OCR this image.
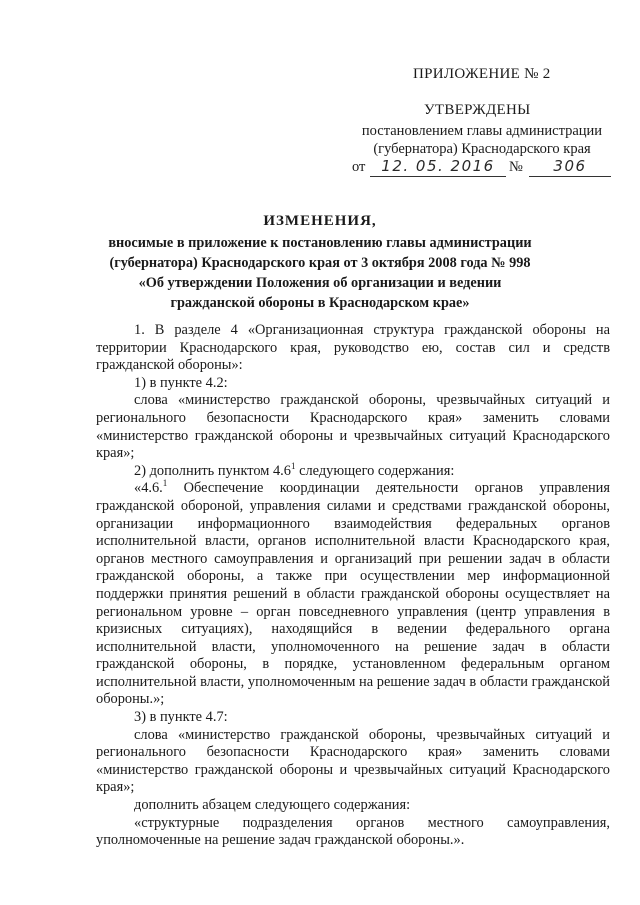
ПРИЛОЖЕНИЕ № 2
УТВЕРЖДЕНЫ
постановлением главы администрации
(губернатора) Краснодарского края
от	12. 05. 2016 №	306
ИЗМЕНЕНИЯ,
вносимые в приложение к постановлению главы администрации
(губернатора) Краснодарского края от 3 октября 2008 года № 998
«Об утверждении Положения об организации и ведении
гражданской обороны в Краснодарском крае»

1. В разделе 4 «Организационная структура гражданской обороны на территории Краснодарского края, руководство ею, состав сил и средств гражданской обороны»:

1) в пункте 4.2:

слова «министерство гражданской обороны, чрезвычайных ситуаций и регионального безопасности Краснодарского края» заменить словами «министерство гражданской обороны и чрезвычайных ситуаций Краснодарского края»;

2) дополнить пунктом $4.6^1$ следующего содержания:

«4.6.$^1$ Обеспечение координации деятельности органов управления гражданской обороной, управления силами и средствами гражданской обороны, организации информационного взаимодействия федеральных органов исполнительной власти, органов исполнительной власти Краснодарского края, органов местного самоуправления и организаций при решении задач в области гражданской обороны, а также при осуществлении мер информационной поддержки принятия решений в области гражданской обороны осуществляет на региональном уровне – орган повседневного управления (центр управления в кризисных ситуациях), находящийся в ведении федерального органа исполнительной власти, уполномоченного на решение задач в области гражданской обороны, в порядке, установленном федеральным органом исполнительной власти, уполномоченным на решение задач в области гражданской обороны.»;

3) в пункте 4.7:

слова «министерство гражданской обороны, чрезвычайных ситуаций и регионального безопасности Краснодарского края» заменить словами «министерство гражданской обороны и чрезвычайных ситуаций Краснодарского края»;

дополнить абзацем следующего содержания:

«структурные подразделения органов местного самоуправления, уполномоченные на решение задач гражданской обороны.».
